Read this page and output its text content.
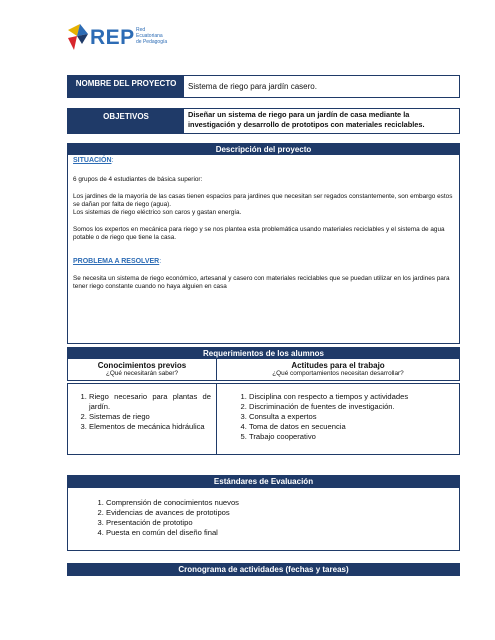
REP Red
Ecuatoriana
de Pedagogía
NOMBRE DEL PROYECTO	Sistema de riego para jardín casero.
OBJETIVOS	Diseñar un sistema de riego para un jardín de casa mediante la investigación y desarrollo de prototipos con materiales reciclables.
Descripción del proyecto

SITUACIÓN:

6 grupos de 4 estudiantes de básica superior:

Los jardines de la mayoría de las casas tienen espacios para jardines que necesitan ser regados constantemente, son embargo estos se dañan por falta de riego (agua).

Los sistemas de riego eléctrico son caros y gastan energía.

Somos los expertos en mecánica para riego y se nos plantea esta problemática usando materiales reciclables y el sistema de agua potable o de riego que tiene la casa.

PROBLEMA A RESOLVER:

Se necesita un sistema de riego económico, artesanal y casero con materiales reciclables que se puedan utilizar en los jardines para tener riego constante cuando no haya alguien en casa

Requerimientos de los alumnos
Conocimientos previos
¿Qué necesitarán saber?
Actitudes para el trabajo
¿Qué comportamientos necesitan desarrollar?
1. Riego necesario para plantas de jardín.
2. Sistemas de riego
3. Elementos de mecánica hidráulica
1. Disciplina con respecto a tiempos y actividades
2. Discriminación de fuentes de investigación.
3. Consulta a expertos
4. Toma de datos en secuencia
5. Trabajo cooperativo
Estándares de Evaluación
1. Comprensión de conocimientos nuevos
2. Evidencias de avances de prototipos
3. Presentación de prototipo
4. Puesta en común del diseño final
Cronograma de actividades (fechas y tareas)
